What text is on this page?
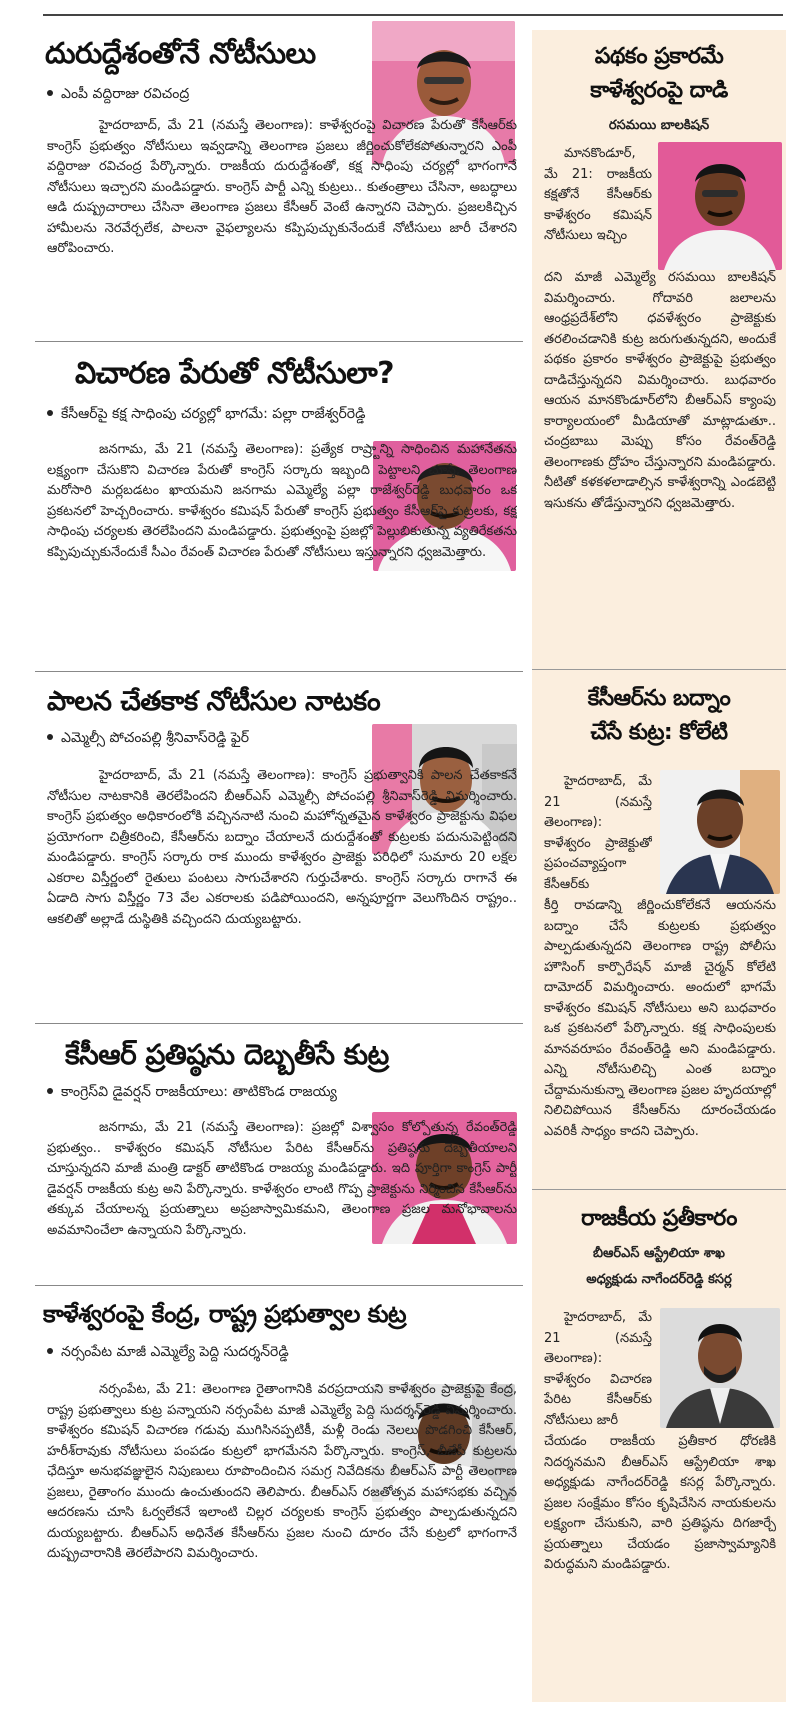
దురుద్దేశంతోనే నోటీసులు
ఎంపీ వద్దిరాజు రవిచంద్ర
హైదరాబాద్‌, మే 21 (నమస్తే తెలంగాణ): కాళేశ్వరంపై విచారణ పేరుతో కేసీఆర్‌కు కాంగ్రెస్‌ ప్రభుత్వం నోటీసులు ఇవ్వడాన్ని తెలంగాణ ప్రజలు జీర్ణించుకోలేకపోతున్నారని ఎంపీ వద్దిరాజు రవిచంద్ర పేర్కొన్నారు. రాజకీయ దురుద్దేశంతో, కక్ష సాధింపు చర్యల్లో భాగంగానే నోటీసులు ఇచ్చారని మండిపడ్డారు. కాంగ్రెస్‌ పార్టీ ఎన్ని కుట్రలు.. కుతంత్రాలు చేసినా, అబద్ధాలు ఆడి దుష్ప్రచారాలు చేసినా తెలంగాణ ప్రజలు కేసీఆర్‌ వెంటే ఉన్నారని చెప్పారు. ప్రజలకిచ్చిన హామీలను నెరవేర్చలేక, పాలనా వైఫల్యాలను కప్పిపుచ్చుకునేందుకే నోటీసులు జారీ చేశారని ఆరోపించారు.
విచారణ పేరుతో నోటీసులా?
కేసీఆర్‌పై కక్ష సాధింపు చర్యల్లో భాగమే: పల్లా రాజేశ్వర్‌రెడ్డి
జనగామ, మే 21 (నమస్తే తెలంగాణ): ప్రత్యేక రాష్ర్టాన్ని సాధించిన మహానేతను లక్ష్యంగా చేసుకొని విచారణ పేరుతో కాంగ్రెస్‌ సర్కారు ఇబ్బంది పెట్టాలని చూస్తే, తెలంగాణ మరోసారి మర్లబడటం ఖాయమని జనగామ ఎమ్మెల్యే పల్లా రాజేశ్వర్‌రెడ్డి బుధవారం ఒక ప్రకటనలో హెచ్చరించారు. కాళేశ్వరం కమిషన్‌ పేరుతో కాంగ్రెస్‌ ప్రభుత్వం కేసీఆర్‌పై కుట్రలకు, కక్ష సాధింపు చర్యలకు తెరలేపిందని మండిపడ్డారు. ప్రభుత్వంపై ప్రజల్లో పెల్లుబికుతున్న వ్యతిరేకతను కప్పిపుచ్చుకునేందుకే సీఎం రేవంత్‌ విచారణ పేరుతో నోటీసులు ఇస్తున్నారని ధ్వజమెత్తారు.
పాలన చేతకాక నోటీసుల నాటకం
ఎమ్మెల్సీ పోచంపల్లి శ్రీనివాస్‌రెడ్డి ఫైర్‌
హైదరాబాద్‌, మే 21 (నమస్తే తెలంగాణ): కాంగ్రెస్‌ ప్రభుత్వానికి పాలన చేతకాకనే నోటీసుల నాటకానికి తెరలేపిందని బీఆర్‌ఎస్‌ ఎమ్మెల్సీ పోచంపల్లి శ్రీనివాస్‌రెడ్డి విమర్శించారు. కాంగ్రెస్‌ ప్రభుత్వం అధికారంలోకి వచ్చిననాటి నుంచి మహోన్నతమైన కాళేశ్వరం ప్రాజెక్టును విఫల ప్రయోగంగా చిత్రీకరించి, కేసీఆర్‌ను బద్నాం చేయాలనే దురుద్దేశంతో కుట్రలకు పదునుపెట్టిందని మండిపడ్డారు. కాంగ్రెస్‌ సర్కారు రాక ముందు కాళేశ్వరం ప్రాజెక్టు పరిధిలో సుమారు 20 లక్షల ఎకరాల విస్తీర్ణంలో రైతులు పంటలు సాగుచేశారని గుర్తుచేశారు. కాంగ్రెస్‌ సర్కారు రాగానే ఈ ఏడాది సాగు విస్తీర్ణం 73 వేల ఎకరాలకు పడిపోయిందని, అన్నపూర్ణగా వెలుగొందిన రాష్ట్రం.. ఆకలితో అల్లాడే దుస్థితికి వచ్చిందని దుయ్యబట్టారు.
కేసీఆర్‌ ప్రతిష్ఠను దెబ్బతీసే కుట్ర
కాంగ్రెస్‌వి డైవర్షన్‌ రాజకీయాలు: తాటికొండ రాజయ్య
జనగామ, మే 21 (నమస్తే తెలంగాణ): ప్రజల్లో విశ్వాసం కోల్పోతున్న రేవంత్‌రెడ్డి ప్రభుత్వం.. కాళేశ్వరం కమిషన్‌ నోటీసుల పేరిట కేసీఆర్‌ను ప్రతిష్ఠను దెబ్బతీయాలని చూస్తున్నదని మాజీ మంత్రి డాక్టర్‌ తాటికొండ రాజయ్య మండిపడ్డారు. ఇది పూర్తిగా కాంగ్రెస్‌ పార్టీ డైవర్షన్‌ రాజకీయ కుట్ర అని పేర్కొన్నారు. కాళేశ్వరం లాంటి గొప్ప ప్రాజెక్టును నిర్మించిన కేసీఆర్‌ను తక్కువ చేయాలన్న ప్రయత్నాలు అప్రజాస్వామికమని, తెలంగాణ ప్రజల మనోభావాలను అవమానించేలా ఉన్నాయని పేర్కొన్నారు.
కాళేశ్వరంపై కేంద్ర, రాష్ట్ర ప్రభుత్వాల కుట్ర
నర్సంపేట మాజీ ఎమ్మెల్యే పెద్ది సుదర్శన్‌రెడ్డి
నర్సంపేట, మే 21: తెలంగాణ రైతాంగానికి వరప్రదాయని కాళేశ్వరం ప్రాజెక్టుపై కేంద్ర, రాష్ట్ర ప్రభుత్వాలు కుట్ర పన్నాయని నర్సంపేట మాజీ ఎమ్మెల్యే పెద్ది సుదర్శన్‌రెడ్డి విమర్శించారు. కాళేశ్వరం కమిషన్‌ విచారణ గడువు ముగిసినప్పటికీ, మళ్లీ రెండు నెలలు పొడగించి కేసీఆర్‌, హరీశ్‌రావుకు నోటీసులు పంపడం కుట్రలో భాగమేనని పేర్కొన్నారు. కాంగ్రెస్‌, బీజేపీ కుట్రలను ఛేదిస్తూ అనుభవజ్ఞులైన నిపుణులు రూపొందించిన సమగ్ర నివేదికను బీఆర్‌ఎస్‌ పార్టీ తెలంగాణ ప్రజలు, రైతాంగం ముందు ఉంచుతుందని తెలిపారు. బీఆర్‌ఎస్‌ రజతోత్సవ మహాసభకు వచ్చిన ఆదరణను చూసి ఓర్వలేకనే ఇలాంటి చిల్లర చర్యలకు కాంగ్రెస్‌ ప్రభుత్వం పాల్పడుతున్నదని దుయ్యబట్టారు. బీఆర్‌ఎస్‌ అధినేత కేసీఆర్‌ను ప్రజల నుంచి దూరం చేసే కుట్రలో భాగంగానే దుష్ప్రచారానికి తెరలేపారని విమర్శించారు.
పథకం ప్రకారమే
కాళేశ్వరంపై దాడి
రసమయి బాలకిషన్‌
మానకొండూర్‌, మే 21: రాజకీయ కక్షతోనే కేసీఆర్‌కు కాళేశ్వరం కమిషన్‌ నోటీసులు ఇచ్చిం
దని మాజీ ఎమ్మెల్యే రసమయి బాలకిషన్‌ విమర్శించారు. గోదావరి జలాలను ఆంధ్రప్రదేశ్‌లోని ధవళేశ్వరం ప్రాజెక్టుకు తరలించడానికి కుట్ర జరుగుతున్నదని, అందుకే పథకం ప్రకారం కాళేశ్వరం ప్రాజెక్టుపై ప్రభుత్వం దాడిచేస్తున్నదని విమర్శించారు. బుధవారం ఆయన మానకొండూర్‌లోని బీఆర్‌ఎస్‌ క్యాంపు కార్యాలయంలో మీడియాతో మాట్లాడుతూ.. చంద్రబాబు మెప్పు కోసం రేవంత్‌రెడ్డి తెలంగాణకు ద్రోహం చేస్తున్నారని మండిపడ్డారు. నీటితో కళకళలాడాల్సిన కాళేశ్వరాన్ని ఎండబెట్టి ఇసుకను తోడేస్తున్నారని ధ్వజమెత్తారు.
కేసీఆర్‌ను బద్నాం
చేసే కుట్ర: కోలేటి
హైదరాబాద్‌, మే 21 (నమస్తే తెలంగాణ): కాళేశ్వరం ప్రాజెక్టుతో ప్రపంచవ్యాప్తంగా కేసీఆర్‌కు
కీర్తి రావడాన్ని జీర్ణించుకోలేకనే ఆయనను బద్నాం చేసే కుట్రలకు ప్రభుత్వం పాల్పడుతున్నదని తెలంగాణ రాష్ట్ర పోలీసు హౌసింగ్‌ కార్పొరేషన్‌ మాజీ చైర్మన్‌ కోలేటి దామోదర్‌ విమర్శించారు. అందులో భాగమే కాళేశ్వరం కమిషన్‌ నోటీసులు అని బుధవారం ఒక ప్రకటనలో పేర్కొన్నారు. కక్ష సాధింపులకు మానవరూపం రేవంత్‌రెడ్డి అని మండిపడ్డారు. ఎన్ని నోటీసులిచ్చి ఎంత బద్నాం చేద్దామనుకున్నా తెలంగాణ ప్రజల హృదయాల్లో నిలిచిపోయిన కేసీఆర్‌ను దూరంచేయడం ఎవరికీ సాధ్యం కాదని చెప్పారు.
రాజకీయ ప్రతీకారం
బీఆర్‌ఎస్‌ ఆస్ట్రేలియా శాఖ
అధ్యక్షుడు నాగేందర్‌రెడ్డి కసర్ల
హైదరాబాద్‌, మే 21 (నమస్తే తెలంగాణ): కాళేశ్వరం విచారణ పేరిట కేసీఆర్‌కు నోటీసులు జారీ
చేయడం రాజకీయ ప్రతీకార ధోరణికి నిదర్శనమని బీఆర్‌ఎస్‌ ఆస్ట్రేలియా శాఖ అధ్యక్షుడు నాగేందర్‌రెడ్డి కసర్ల పేర్కొన్నారు. ప్రజల సంక్షేమం కోసం కృషిచేసిన నాయకులను లక్ష్యంగా చేసుకుని, వారి ప్రతిష్ఠను దిగజార్చే ప్రయత్నాలు చేయడం ప్రజాస్వామ్యానికి విరుద్ధమని మండిపడ్డారు.
